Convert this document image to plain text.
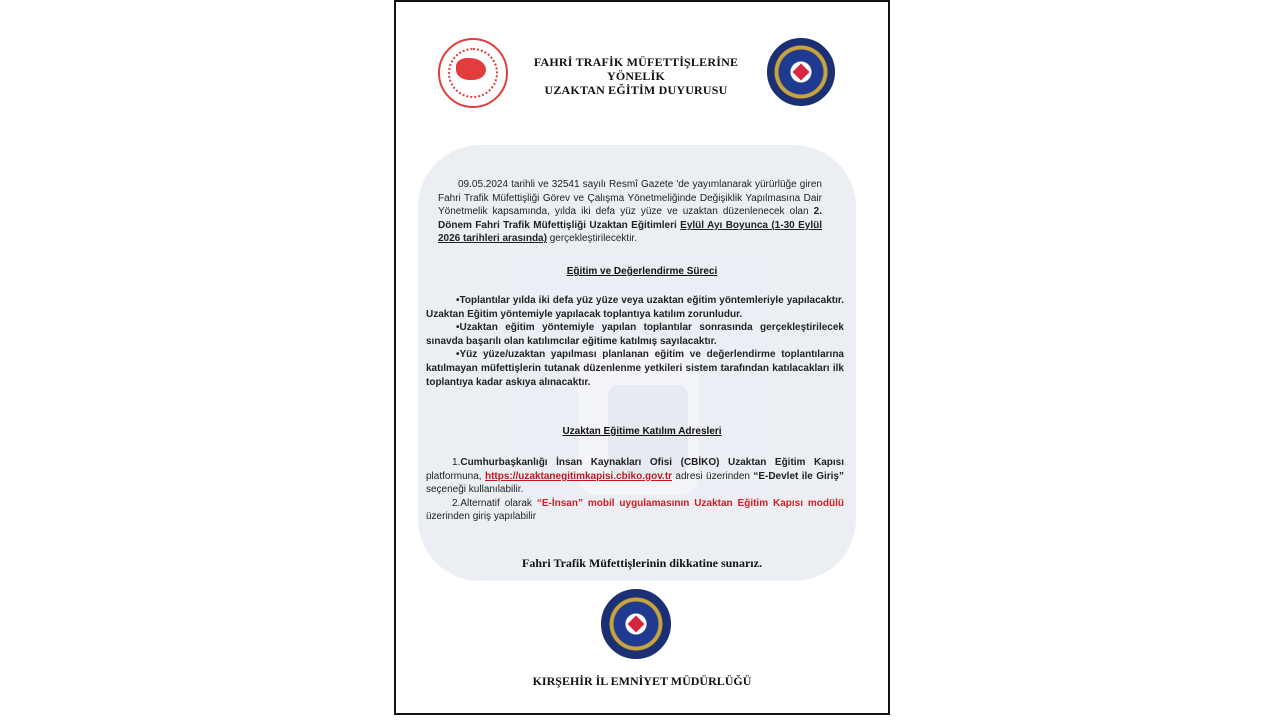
FAHRİ TRAFİK MÜFETTİŞLERİNE
YÖNELİK
UZAKTAN EĞİTİM DUYURUSU
09.05.2024 tarihli ve 32541 sayılı Resmî Gazete 'de yayımlanarak yürürlüğe giren Fahri Trafik Müfettişliği Görev ve Çalışma Yönetmeliğinde Değişiklik Yapılmasına Dair Yönetmelik kapsamında, yılda iki defa yüz yüze ve uzaktan düzenlenecek olan 2. Dönem Fahri Trafik Müfettişliği Uzaktan Eğitimleri Eylül Ayı Boyunca (1-30 Eylül 2026 tarihleri arasında) gerçekleştirilecektir.
Eğitim ve Değerlendirme Süreci

•Toplantılar yılda iki defa yüz yüze veya uzaktan eğitim yöntemleriyle yapılacaktır. Uzaktan Eğitim yöntemiyle yapılacak toplantıya katılım zorunludur.

•Uzaktan eğitim yöntemiyle yapılan toplantılar sonrasında gerçekleştirilecek sınavda başarılı olan katılımcılar eğitime katılmış sayılacaktır.

•Yüz yüze/uzaktan yapılması planlanan eğitim ve değerlendirme toplantılarına katılmayan müfettişlerin tutanak düzenlenme yetkileri sistem tarafından katılacakları ilk toplantıya kadar askıya alınacaktır.

Uzaktan Eğitime Katılım Adresleri

1.Cumhurbaşkanlığı İnsan Kaynakları Ofisi (CBİKO) Uzaktan Eğitim Kapısı platformuna, https://uzaktanegitimkapisi.cbiko.gov.tr adresi üzerinden “E-Devlet ile Giriş” seçeneği kullanılabilir.

2.Alternatif olarak “E-İnsan” mobil uygulamasının Uzaktan Eğitim Kapısı modülü üzerinden giriş yapılabilir

Fahri Trafik Müfettişlerinin dikkatine sunarız.
KIRŞEHİR İL EMNİYET MÜDÜRLÜĞÜ
